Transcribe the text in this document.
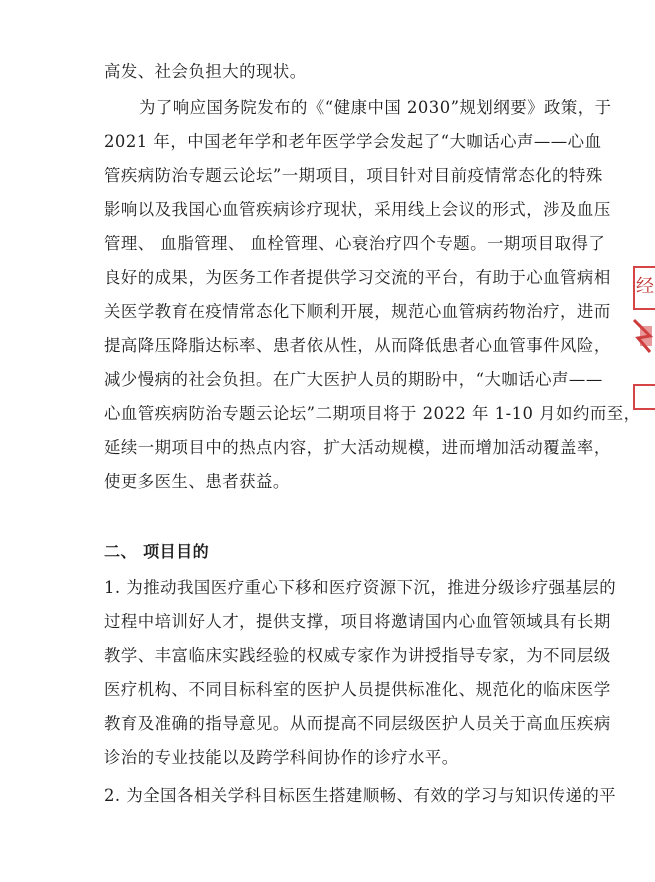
高发、社会负担大的现状。
为了响应国务院发布的《“健康中国 2030”规划纲要》政策，于
2021 年，中国老年学和老年医学学会发起了“大咖话心声——心血
管疾病防治专题云论坛”一期项目，项目针对目前疫情常态化的特殊
影响以及我国心血管疾病诊疗现状，采用线上会议的形式，涉及血压
管理、 血脂管理、 血栓管理、心衰治疗四个专题。一期项目取得了
良好的成果，为医务工作者提供学习交流的平台，有助于心血管病相
关医学教育在疫情常态化下顺利开展，规范心血管病药物治疗，进而
提高降压降脂达标率、患者依从性，从而降低患者心血管事件风险，
减少慢病的社会负担。在广大医护人员的期盼中，“大咖话心声——
心血管疾病防治专题云论坛”二期项目将于 2022 年 1-10 月如约而至，
延续一期项目中的热点内容，扩大活动规模，进而增加活动覆盖率，
使更多医生、患者获益。
二、 项目目的
1. 为推动我国医疗重心下移和医疗资源下沉，推进分级诊疗强基层的
过程中培训好人才，提供支撑，项目将邀请国内心血管领域具有长期
教学、丰富临床实践经验的权威专家作为讲授指导专家，为不同层级
医疗机构、不同目标科室的医护人员提供标准化、规范化的临床医学
教育及准确的指导意见。从而提高不同层级医护人员关于高血压疾病
诊治的专业技能以及跨学科间协作的诊疗水平。
2. 为全国各相关学科目标医生搭建顺畅、有效的学习与知识传递的平
经
